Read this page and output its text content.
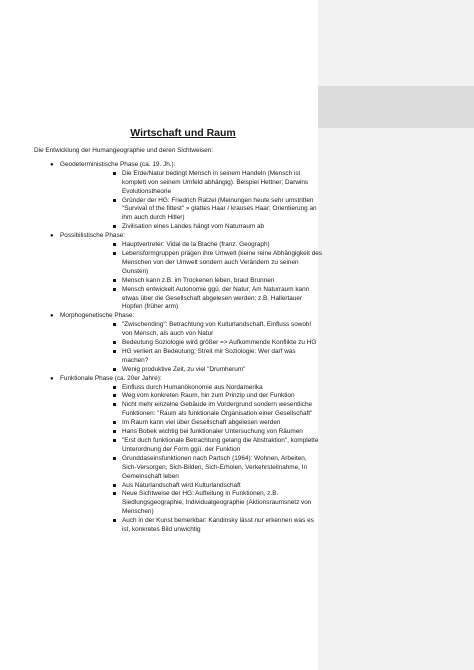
Wirtschaft und Raum
Die Entwicklung der Humangeographie und deren Sichtweisen:
● Geodeterministische Phase (ca. 19. Jh.):
Die Erde/Natur bedingt Mensch in seinem Handeln (Mensch ist komplett von seinem Umfeld abhängig). Beispiel Hettner; Darwins Evolutionstheorie
Gründer der HG: Friedrich Ratzel (Meinungen heute sehr umstritten "Survival of the fittest" » glattes Haar / krauses Haar; Orientierung an ihm auch durch Hitler)
Zivilisation eines Landes hängt vom Naturraum ab
● Possibilistische Phase:
Hauptvertreter: Vidal de la Blache (franz. Geograph)
Lebensformgruppen prägen ihre Umwelt (keine reine Abhängigkeit des Menschen von der Umwelt sondern auch Verändern zu seinen Gunsten)
Mensch kann z.B. im Trockenen leben, braut Brunnen
Mensch entwickelt Autonomie ggü. der Natur; Am Naturraum kann etwas über die Gesellschaft abgelesen werden; z.B. Hallertauer Hopfen (früher arm)
● Morphogenetische Phase:
"Zwischending": Betrachtung von Kulturlandschaft, Einfluss sowohl von Mensch, als auch von Natur
Bedeutung Soziologie wird größer => Aufkommende Konflikte zu HG
HG verliert an Bedeutung; Streit mir Soziologie: Wer darf was machen?
Wenig produktive Zeit, zu viel "Drumherum"
● Funktionale Phase (ca. 20er Jahre):
Einfluss durch Humanökonomie aus Nordamerika
Weg vom konkreten Raum, hin zum Prinzip und der Funktion
Nicht mehr einzelne Gebäude im Vordergrund sondern wesentliche Funktionen: "Raum als funktionale Organisation einer Gesellschaft"
Im Raum kann viel über Gesellschaft abgelesen werden
Hans Bobek wichtig bei funktionaler Untersuchung von Räumen
"Erst duch funktionale Betrachtung gelang die Abstraktion", komplette Unterordnung der Form ggü. der Funktion
Grunddaseinsfunktionen nach Partsch (1964): Wohnen, Arbeiten, Sich-Versorgen, Sich-Bilden, Sich-Erholen, Verkehrsteilnahme, In Gemeinschaft leben
Aus Naturlandschaft wird Kulturlandschaft
Neue Sichtweise der HG: Aufteilung in Funktionen, z.B. Siedlungsgeographie, Individualgeographie (Aktionsraumsnetz von Menschen)
Auch in der Kunst bemerkbar: Kandinsky lässt nur erkennen was es ist, konkretes Bild unwichtig
